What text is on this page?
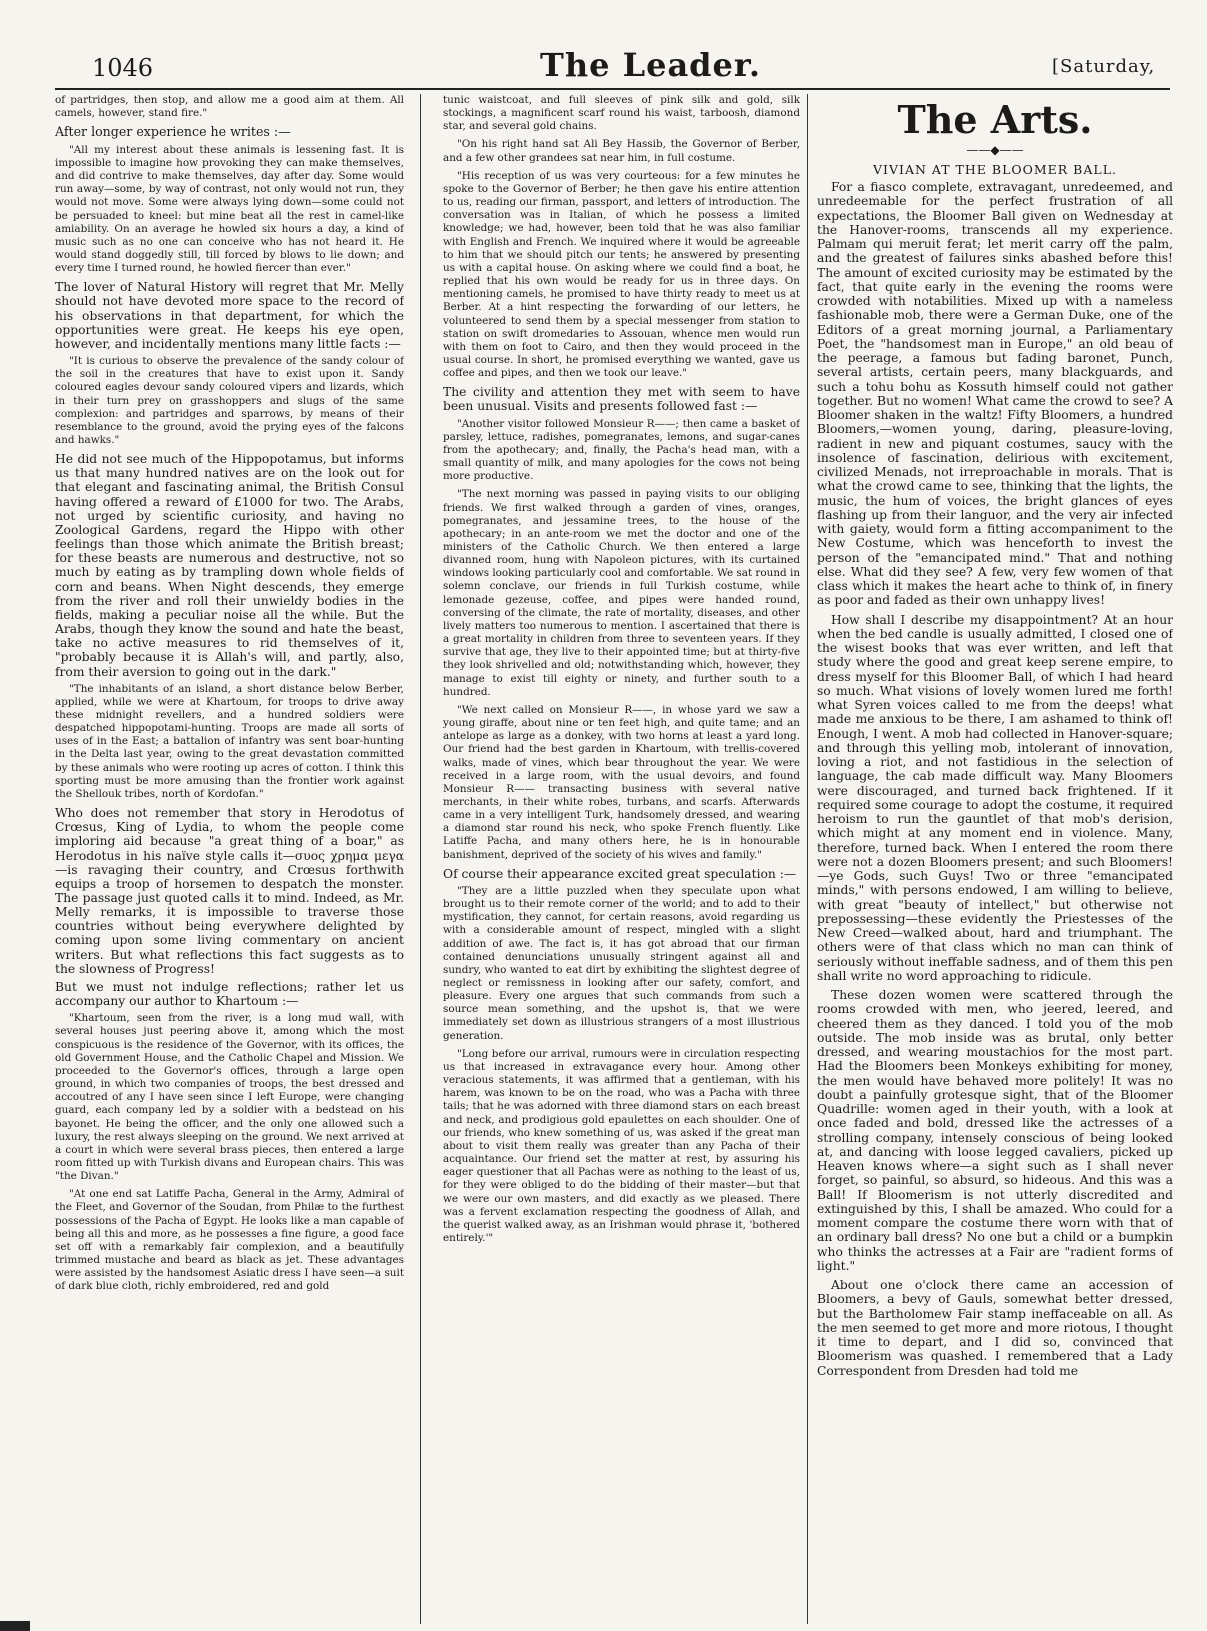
1046	The Leader.	[Saturday,

of partridges, then stop, and allow me a good aim at them. All camels, however, stand fire."

After longer experience he writes :—

"All my interest about these animals is lessening fast. It is impossible to imagine how provoking they can make themselves, and did contrive to make themselves, day after day. Some would run away—some, by way of contrast, not only would not run, they would not move. Some were always lying down—some could not be persuaded to kneel: but mine beat all the rest in camel-like amiability. On an average he howled six hours a day, a kind of music such as no one can conceive who has not heard it. He would stand doggedly still, till forced by blows to lie down; and every time I turned round, he howled fiercer than ever."

The lover of Natural History will regret that Mr. Melly should not have devoted more space to the record of his observations in that department, for which the opportunities were great. He keeps his eye open, however, and incidentally mentions many little facts :—

"It is curious to observe the prevalence of the sandy colour of the soil in the creatures that have to exist upon it. Sandy coloured eagles devour sandy coloured vipers and lizards, which in their turn prey on grasshoppers and slugs of the same complexion: and partridges and sparrows, by means of their resemblance to the ground, avoid the prying eyes of the falcons and hawks."

He did not see much of the Hippopotamus, but informs us that many hundred natives are on the look out for that elegant and fascinating animal, the British Consul having offered a reward of £1000 for two. The Arabs, not urged by scientific curiosity, and having no Zoological Gardens, regard the Hippo with other feelings than those which animate the British breast; for these beasts are numerous and destructive, not so much by eating as by trampling down whole fields of corn and beans. When Night descends, they emerge from the river and roll their unwieldy bodies in the fields, making a peculiar noise all the while. But the Arabs, though they know the sound and hate the beast, take no active measures to rid themselves of it, "probably because it is Allah's will, and partly, also, from their aversion to going out in the dark."

"The inhabitants of an island, a short distance below Berber, applied, while we were at Khartoum, for troops to drive away these midnight revellers, and a hundred soldiers were despatched hippopotami-hunting. Troops are made all sorts of uses of in the East; a battalion of infantry was sent boar-hunting in the Delta last year, owing to the great devastation committed by these animals who were rooting up acres of cotton. I think this sporting must be more amusing than the frontier work against the Shellouk tribes, north of Kordofan."

Who does not remember that story in Herodotus of Crœsus, King of Lydia, to whom the people come imploring aid because "a great thing of a boar," as Herodotus in his naïve style calls it—συος χρημα μεγα—is ravaging their country, and Crœsus forthwith equips a troop of horsemen to despatch the monster. The passage just quoted calls it to mind. Indeed, as Mr. Melly remarks, it is impossible to traverse those countries without being everywhere delighted by coming upon some living commentary on ancient writers. But what reflections this fact suggests as to the slowness of Progress!

But we must not indulge reflections; rather let us accompany our author to Khartoum :—

"Khartoum, seen from the river, is a long mud wall, with several houses just peering above it, among which the most conspicuous is the residence of the Governor, with its offices, the old Government House, and the Catholic Chapel and Mission. We proceeded to the Governor's offices, through a large open ground, in which two companies of troops, the best dressed and accoutred of any I have seen since I left Europe, were changing guard, each company led by a soldier with a bedstead on his bayonet. He being the officer, and the only one allowed such a luxury, the rest always sleeping on the ground. We next arrived at a court in which were several brass pieces, then entered a large room fitted up with Turkish divans and European chairs. This was "the Divan."

"At one end sat Latiffe Pacha, General in the Army, Admiral of the Fleet, and Governor of the Soudan, from Philæ to the furthest possessions of the Pacha of Egypt. He looks like a man capable of being all this and more, as he possesses a fine figure, a good face set off with a remarkably fair complexion, and a beautifully trimmed mustache and beard as black as jet. These advantages were assisted by the handsomest Asiatic dress I have seen—a suit of dark blue cloth, richly embroidered, red and gold

tunic waistcoat, and full sleeves of pink silk and gold, silk stockings, a magnificent scarf round his waist, tarboosh, diamond star, and several gold chains.

"On his right hand sat Ali Bey Hassib, the Governor of Berber, and a few other grandees sat near him, in full costume.

"His reception of us was very courteous: for a few minutes he spoke to the Governor of Berber; he then gave his entire attention to us, reading our firman, passport, and letters of introduction. The conversation was in Italian, of which he possess a limited knowledge; we had, however, been told that he was also familiar with English and French. We inquired where it would be agreeable to him that we should pitch our tents; he answered by presenting us with a capital house. On asking where we could find a boat, he replied that his own would be ready for us in three days. On mentioning camels, he promised to have thirty ready to meet us at Berber. At a hint respecting the forwarding of our letters, he volunteered to send them by a special messenger from station to station on swift dromedaries to Assouan, whence men would run with them on foot to Cairo, and then they would proceed in the usual course. In short, he promised everything we wanted, gave us coffee and pipes, and then we took our leave."

The civility and attention they met with seem to have been unusual. Visits and presents followed fast :—

"Another visitor followed Monsieur R——; then came a basket of parsley, lettuce, radishes, pomegranates, lemons, and sugar-canes from the apothecary; and, finally, the Pacha's head man, with a small quantity of milk, and many apologies for the cows not being more productive.

"The next morning was passed in paying visits to our obliging friends. We first walked through a garden of vines, oranges, pomegranates, and jessamine trees, to the house of the apothecary; in an ante-room we met the doctor and one of the ministers of the Catholic Church. We then entered a large divanned room, hung with Napoleon pictures, with its curtained windows looking particularly cool and comfortable. We sat round in solemn conclave, our friends in full Turkish costume, while lemonade gezeuse, coffee, and pipes were handed round, conversing of the climate, the rate of mortality, diseases, and other lively matters too numerous to mention. I ascertained that there is a great mortality in children from three to seventeen years. If they survive that age, they live to their appointed time; but at thirty-five they look shrivelled and old; notwithstanding which, however, they manage to exist till eighty or ninety, and further south to a hundred.

"We next called on Monsieur R——, in whose yard we saw a young giraffe, about nine or ten feet high, and quite tame; and an antelope as large as a donkey, with two horns at least a yard long. Our friend had the best garden in Khartoum, with trellis-covered walks, made of vines, which bear throughout the year. We were received in a large room, with the usual devoirs, and found Monsieur R—— transacting business with several native merchants, in their white robes, turbans, and scarfs. Afterwards came in a very intelligent Turk, handsomely dressed, and wearing a diamond star round his neck, who spoke French fluently. Like Latiffe Pacha, and many others here, he is in honourable banishment, deprived of the society of his wives and family."

Of course their appearance excited great speculation :—

"They are a little puzzled when they speculate upon what brought us to their remote corner of the world; and to add to their mystification, they cannot, for certain reasons, avoid regarding us with a considerable amount of respect, mingled with a slight addition of awe. The fact is, it has got abroad that our firman contained denunciations unusually stringent against all and sundry, who wanted to eat dirt by exhibiting the slightest degree of neglect or remissness in looking after our safety, comfort, and pleasure. Every one argues that such commands from such a source mean something, and the upshot is, that we were immediately set down as illustrious strangers of a most illustrious generation.

"Long before our arrival, rumours were in circulation respecting us that increased in extravagance every hour. Among other veracious statements, it was affirmed that a gentleman, with his harem, was known to be on the road, who was a Pacha with three tails; that he was adorned with three diamond stars on each breast and neck, and prodigious gold epaulettes on each shoulder. One of our friends, who knew something of us, was asked if the great man about to visit them really was greater than any Pacha of their acquaintance. Our friend set the matter at rest, by assuring his eager questioner that all Pachas were as nothing to the least of us, for they were obliged to do the bidding of their master—but that we were our own masters, and did exactly as we pleased. There was a fervent exclamation respecting the goodness of Allah, and the querist walked away, as an Irishman would phrase it, 'bothered entirely.'"

The Arts.
——◆——
VIVIAN AT THE BLOOMER BALL.

For a fiasco complete, extravagant, unredeemed, and unredeemable for the perfect frustration of all expectations, the Bloomer Ball given on Wednesday at the Hanover-rooms, transcends all my experience. Palmam qui meruit ferat; let merit carry off the palm, and the greatest of failures sinks abashed before this! The amount of excited curiosity may be estimated by the fact, that quite early in the evening the rooms were crowded with notabilities. Mixed up with a nameless fashionable mob, there were a German Duke, one of the Editors of a great morning journal, a Parliamentary Poet, the "handsomest man in Europe," an old beau of the peerage, a famous but fading baronet, Punch, several artists, certain peers, many blackguards, and such a tohu bohu as Kossuth himself could not gather together. But no women! What came the crowd to see? A Bloomer shaken in the waltz! Fifty Bloomers, a hundred Bloomers,—women young, daring, pleasure-loving, radient in new and piquant costumes, saucy with the insolence of fascination, delirious with excitement, civilized Menads, not irreproachable in morals. That is what the crowd came to see, thinking that the lights, the music, the hum of voices, the bright glances of eyes flashing up from their languor, and the very air infected with gaiety, would form a fitting accompaniment to the New Costume, which was henceforth to invest the person of the "emancipated mind." That and nothing else. What did they see? A few, very few women of that class which it makes the heart ache to think of, in finery as poor and faded as their own unhappy lives!

How shall I describe my disappointment? At an hour when the bed candle is usually admitted, I closed one of the wisest books that was ever written, and left that study where the good and great keep serene empire, to dress myself for this Bloomer Ball, of which I had heard so much. What visions of lovely women lured me forth! what Syren voices called to me from the deeps! what made me anxious to be there, I am ashamed to think of! Enough, I went. A mob had collected in Hanover-square; and through this yelling mob, intolerant of innovation, loving a riot, and not fastidious in the selection of language, the cab made difficult way. Many Bloomers were discouraged, and turned back frightened. If it required some courage to adopt the costume, it required heroism to run the gauntlet of that mob's derision, which might at any moment end in violence. Many, therefore, turned back. When I entered the room there were not a dozen Bloomers present; and such Bloomers!—ye Gods, such Guys! Two or three "emancipated minds," with persons endowed, I am willing to believe, with great "beauty of intellect," but otherwise not prepossessing—these evidently the Priestesses of the New Creed—walked about, hard and triumphant. The others were of that class which no man can think of seriously without ineffable sadness, and of them this pen shall write no word approaching to ridicule.

These dozen women were scattered through the rooms crowded with men, who jeered, leered, and cheered them as they danced. I told you of the mob outside. The mob inside was as brutal, only better dressed, and wearing moustachios for the most part. Had the Bloomers been Monkeys exhibiting for money, the men would have behaved more politely! It was no doubt a painfully grotesque sight, that of the Bloomer Quadrille: women aged in their youth, with a look at once faded and bold, dressed like the actresses of a strolling company, intensely conscious of being looked at, and dancing with loose legged cavaliers, picked up Heaven knows where—a sight such as I shall never forget, so painful, so absurd, so hideous. And this was a Ball! If Bloomerism is not utterly discredited and extinguished by this, I shall be amazed. Who could for a moment compare the costume there worn with that of an ordinary ball dress? No one but a child or a bumpkin who thinks the actresses at a Fair are "radient forms of light."

About one o'clock there came an accession of Bloomers, a bevy of Gauls, somewhat better dressed, but the Bartholomew Fair stamp ineffaceable on all. As the men seemed to get more and more riotous, I thought it time to depart, and I did so, convinced that Bloomerism was quashed. I remembered that a Lady Correspondent from Dresden had told me
